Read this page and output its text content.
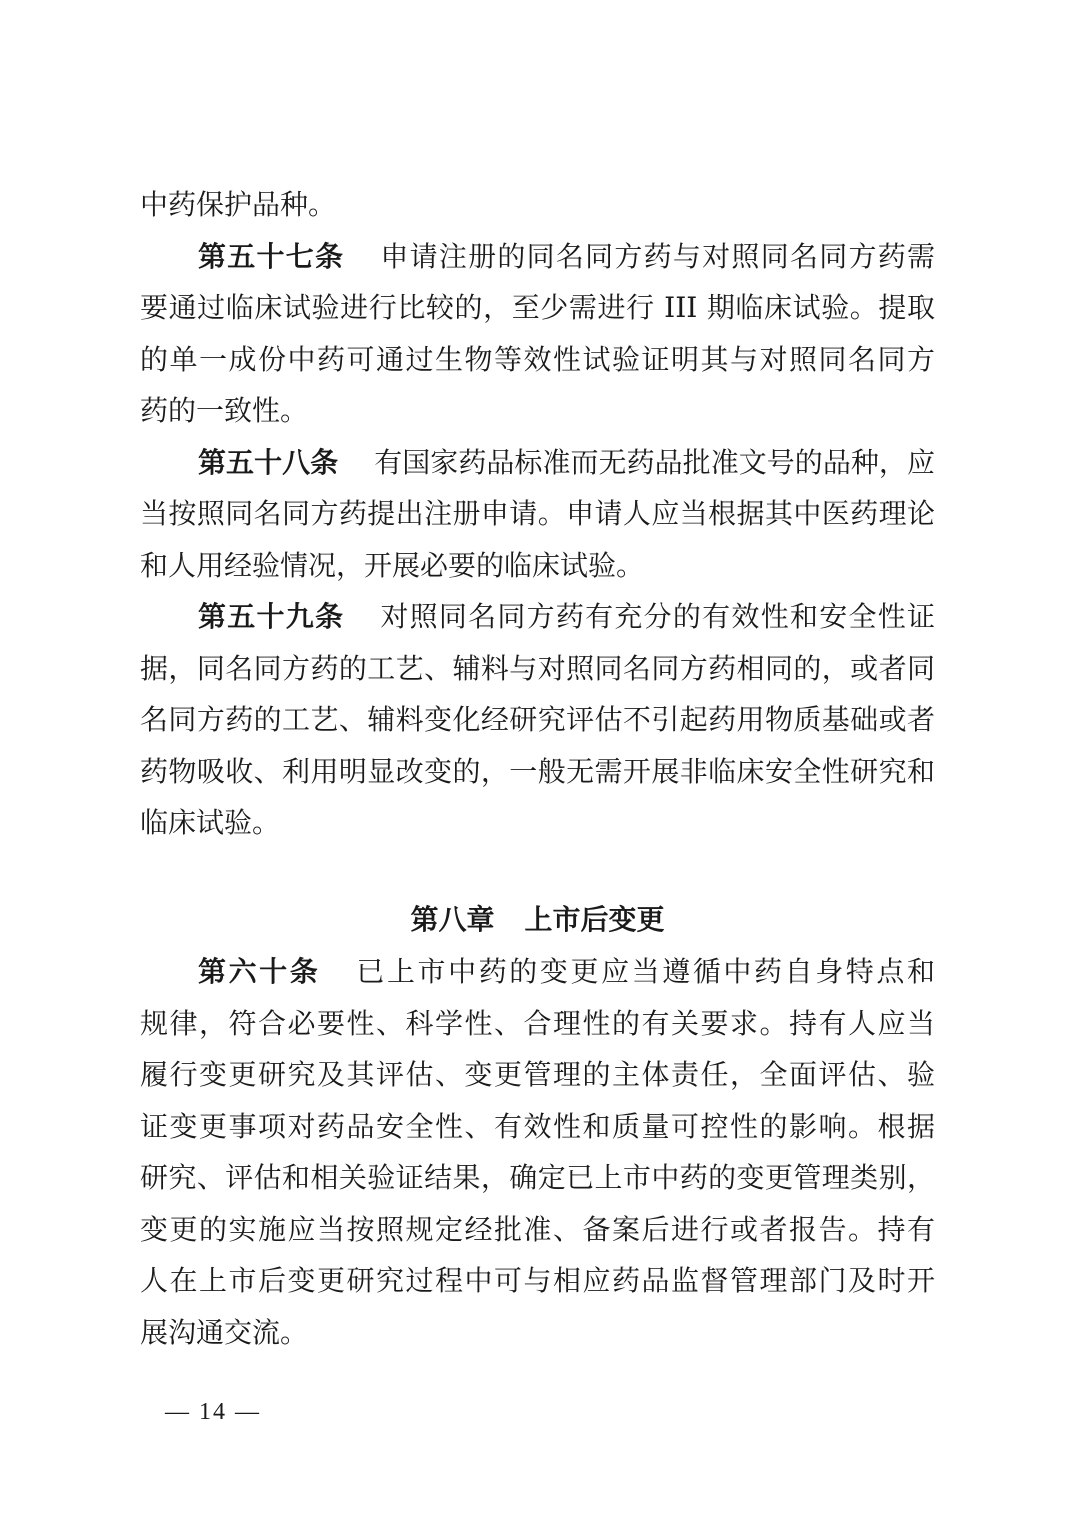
中药保护品种。
第五十七条 申请注册的同名同方药与对照同名同方药需
要通过临床试验进行比较的，至少需进行 III 期临床试验。提取
的单一成份中药可通过生物等效性试验证明其与对照同名同方
药的一致性。
第五十八条 有国家药品标准而无药品批准文号的品种，应
当按照同名同方药提出注册申请。申请人应当根据其中医药理论
和人用经验情况，开展必要的临床试验。
第五十九条 对照同名同方药有充分的有效性和安全性证
据，同名同方药的工艺、辅料与对照同名同方药相同的，或者同
名同方药的工艺、辅料变化经研究评估不引起药用物质基础或者
药物吸收、利用明显改变的，一般无需开展非临床安全性研究和
临床试验。
第八章 上市后变更
第六十条 已上市中药的变更应当遵循中药自身特点和
规律，符合必要性、科学性、合理性的有关要求。持有人应当
履行变更研究及其评估、变更管理的主体责任，全面评估、验
证变更事项对药品安全性、有效性和质量可控性的影响。根据
研究、评估和相关验证结果，确定已上市中药的变更管理类别，
变更的实施应当按照规定经批准、备案后进行或者报告。持有
人在上市后变更研究过程中可与相应药品监督管理部门及时开
展沟通交流。
— 14 —
